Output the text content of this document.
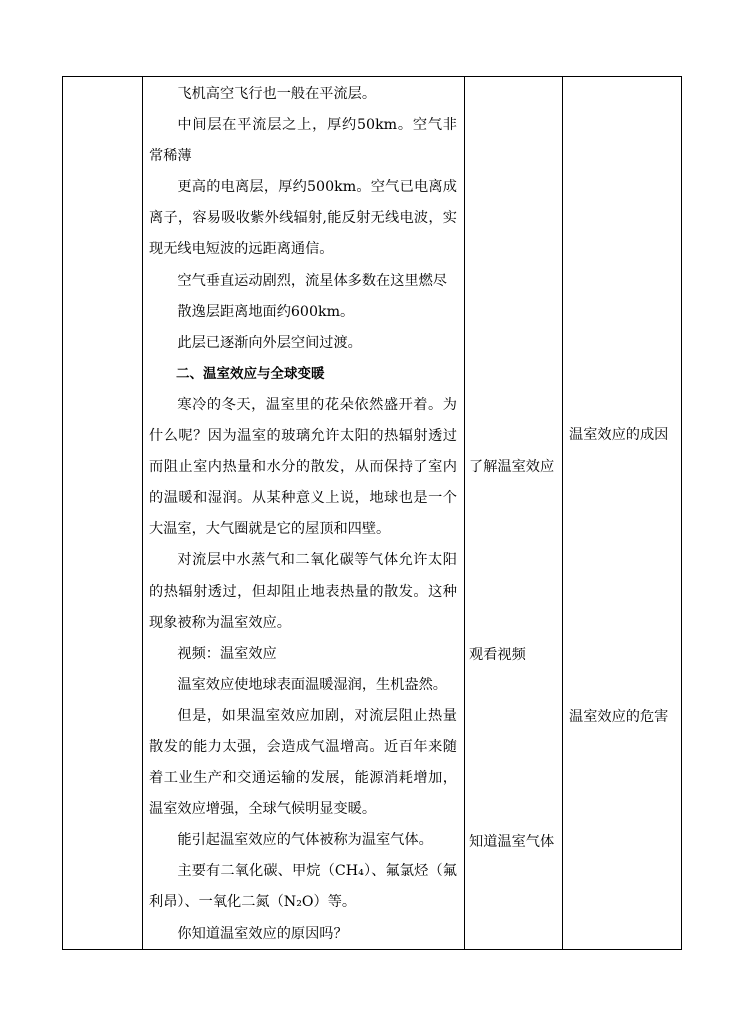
飞机高空飞行也一般在平流层。

中间层在平流层之上，厚约50km。空气非常稀薄

更高的电离层，厚约500km。空气已电离成离子，容易吸收紫外线辐射,能反射无线电波，实现无线电短波的远距离通信。

空气垂直运动剧烈，流星体多数在这里燃尽

散逸层距离地面约600km。

此层已逐渐向外层空间过渡。

二、温室效应与全球变暖

寒冷的冬天，温室里的花朵依然盛开着。为什么呢？因为温室的玻璃允许太阳的热辐射透过而阻止室内热量和水分的散发，从而保持了室内的温暖和湿润。从某种意义上说，地球也是一个大温室，大气圈就是它的屋顶和四壁。

对流层中水蒸气和二氧化碳等气体允许太阳的热辐射透过，但却阻止地表热量的散发。这种现象被称为温室效应。

视频：温室效应

温室效应使地球表面温暖湿润，生机盎然。

但是，如果温室效应加剧，对流层阻止热量散发的能力太强，会造成气温增高。近百年来随着工业生产和交通运输的发展，能源消耗增加，温室效应增强，全球气候明显变暖。

能引起温室效应的气体被称为温室气体。

主要有二氧化碳、甲烷（CH₄）、氟氯烃（氟利昂）、一氧化二氮（N₂O）等。

你知道温室效应的原因吗？

了解温室效应
观看视频
知道温室气体
温室效应的成因
温室效应的危害
